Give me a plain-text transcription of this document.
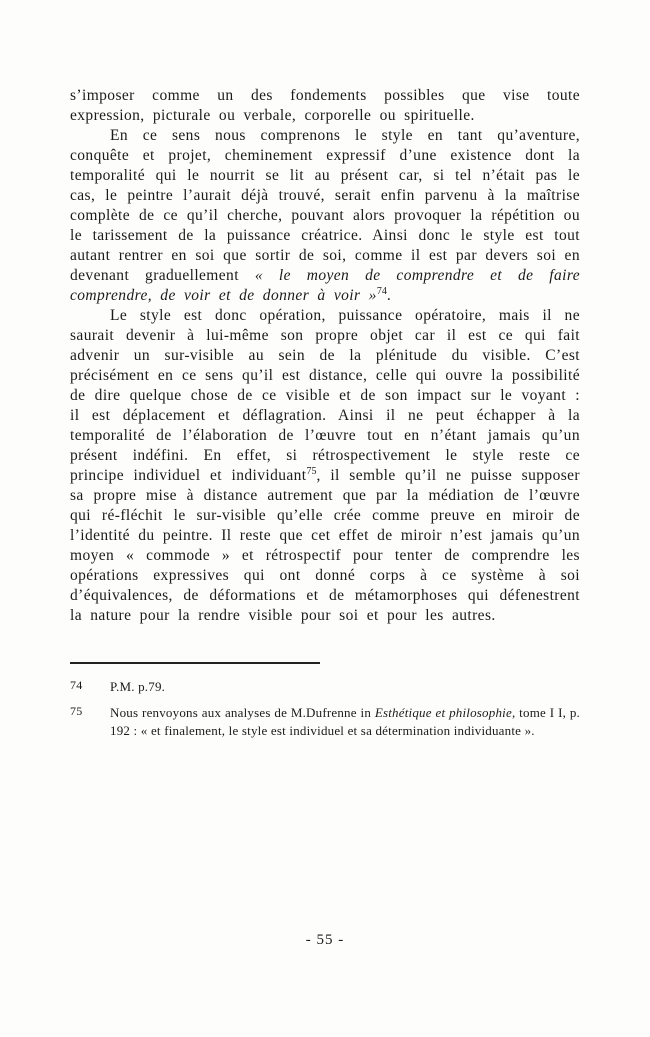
s’imposer comme un des fondements possibles que vise toute expression, picturale ou verbale, corporelle ou spirituelle.

En ce sens nous comprenons le style en tant qu’aventure, conquête et projet, cheminement expressif d’une existence dont la temporalité qui le nourrit se lit au présent car, si tel n’était pas le cas, le peintre l’aurait déjà trouvé, serait enfin parvenu à la maîtrise complète de ce qu’il cherche, pouvant alors provoquer la répétition ou le tarissement de la puissance créatrice. Ainsi donc le style est tout autant rentrer en soi que sortir de soi, comme il est par devers soi en devenant graduellement « le moyen de comprendre et de faire comprendre, de voir et de donner à voir »$^{74}$.

Le style est donc opération, puissance opératoire, mais il ne saurait devenir à lui-même son propre objet car il est ce qui fait advenir un sur-visible au sein de la plénitude du visible. C’est précisément en ce sens qu’il est distance, celle qui ouvre la possibilité de dire quelque chose de ce visible et de son impact sur le voyant : il est déplacement et déflagration. Ainsi il ne peut échapper à la temporalité de l’élaboration de l’œuvre tout en n’étant jamais qu’un présent indéfini. En effet, si rétrospectivement le style reste ce principe individuel et individuant$^{75}$, il semble qu’il ne puisse supposer sa propre mise à distance autrement que par la médiation de l’œuvre qui ré-fléchit le sur-visible qu’elle crée comme preuve en miroir de l’identité du peintre. Il reste que cet effet de miroir n’est jamais qu’un moyen « commode » et rétrospectif pour tenter de comprendre les opérations expressives qui ont donné corps à ce système à soi d’équivalences, de déformations et de métamorphoses qui défenestrent la nature pour la rendre visible pour soi et pour les autres.

74	P.M. p.79.
75	Nous renvoyons aux analyses de M.Dufrenne in Esthétique et philosophie, tome I I, p. 192 : « et finalement, le style est individuel et sa détermination individuante ».
- 55 -
